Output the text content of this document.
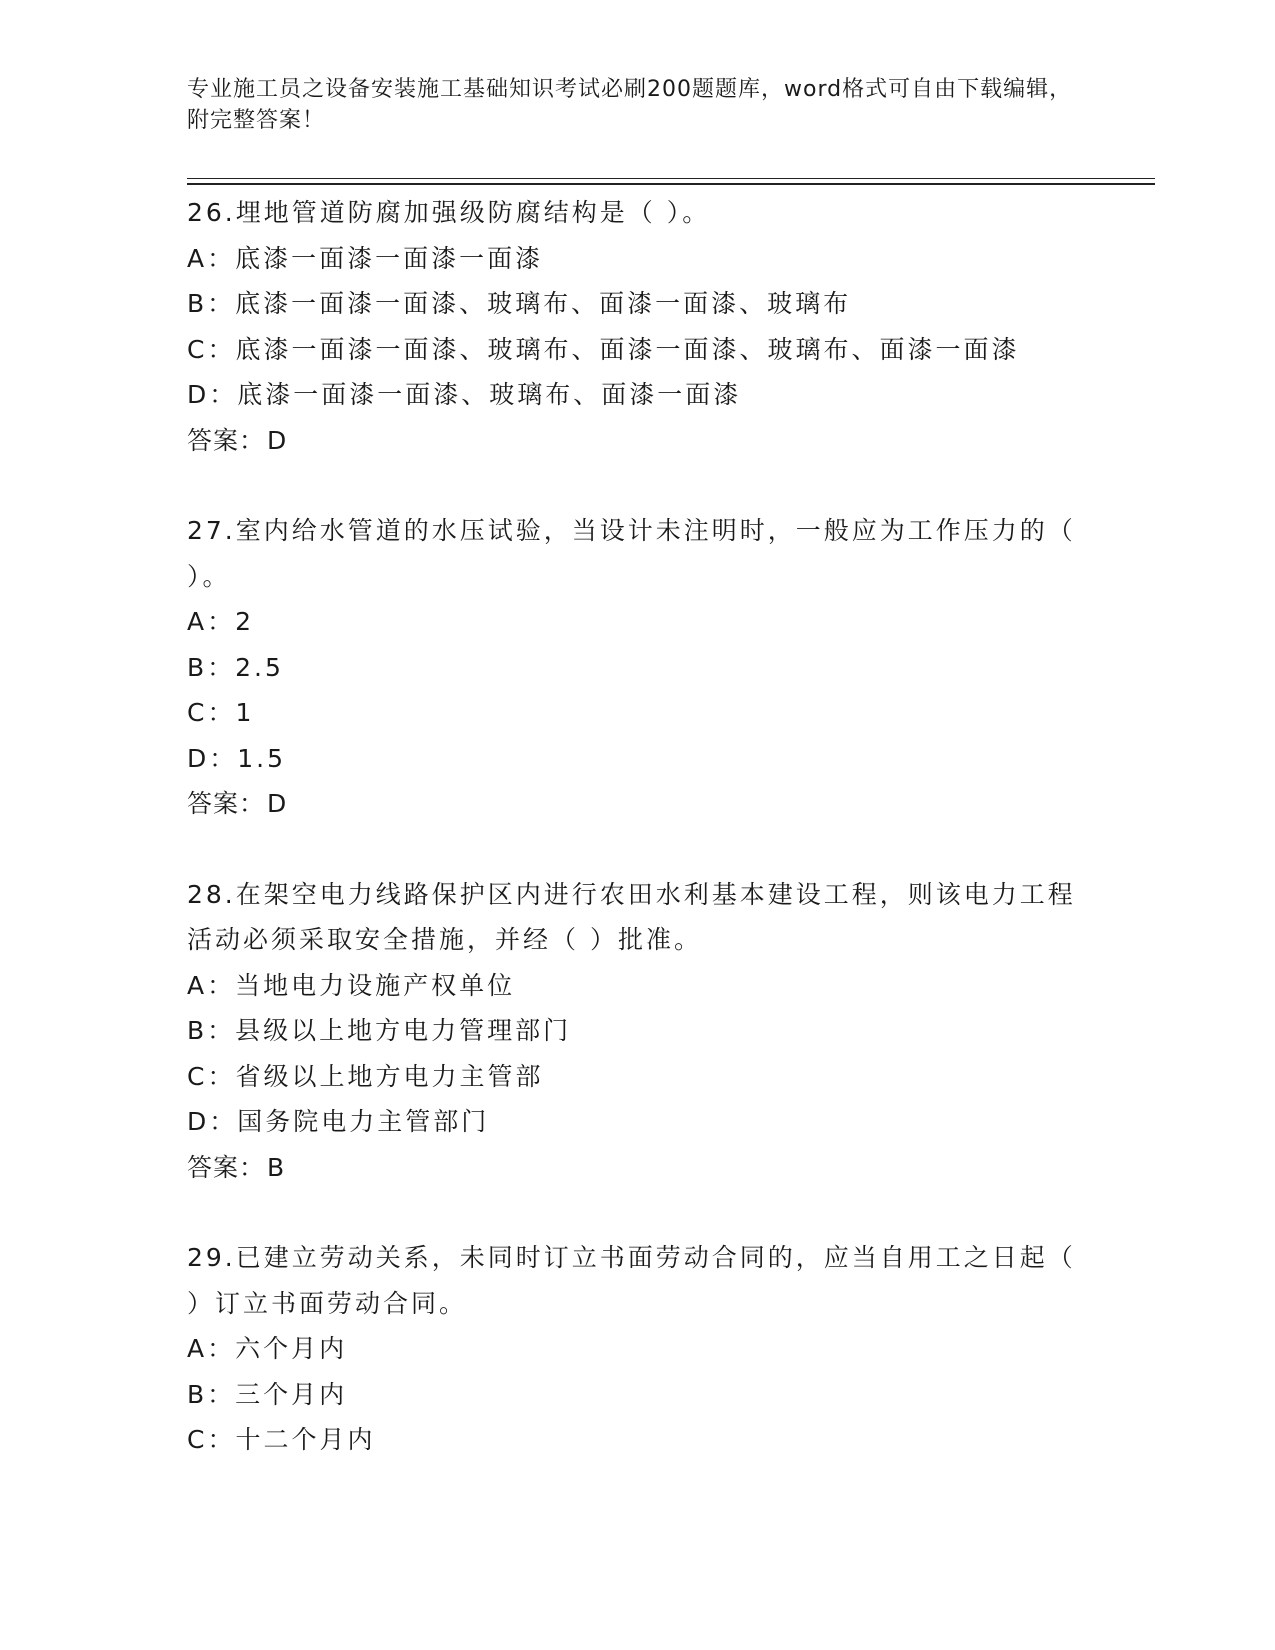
专业施工员之设备安装施工基础知识考试必刷200题题库，word格式可自由下载编辑，附完整答案！
26.埋地管道防腐加强级防腐结构是（ ）。
A：底漆一面漆一面漆一面漆
B：底漆一面漆一面漆、玻璃布、面漆一面漆、玻璃布
C：底漆一面漆一面漆、玻璃布、面漆一面漆、玻璃布、面漆一面漆
D：底漆一面漆一面漆、玻璃布、面漆一面漆
答案：D
27.室内给水管道的水压试验，当设计未注明时，一般应为工作压力的（ ）。
A：2
B：2.5
C：1
D：1.5
答案：D
28.在架空电力线路保护区内进行农田水利基本建设工程，则该电力工程活动必须采取安全措施，并经（ ）批准。
A：当地电力设施产权单位
B：县级以上地方电力管理部门
C：省级以上地方电力主管部
D：国务院电力主管部门
答案：B
29.已建立劳动关系，未同时订立书面劳动合同的，应当自用工之日起（ ）订立书面劳动合同。
A：六个月内
B：三个月内
C：十二个月内
